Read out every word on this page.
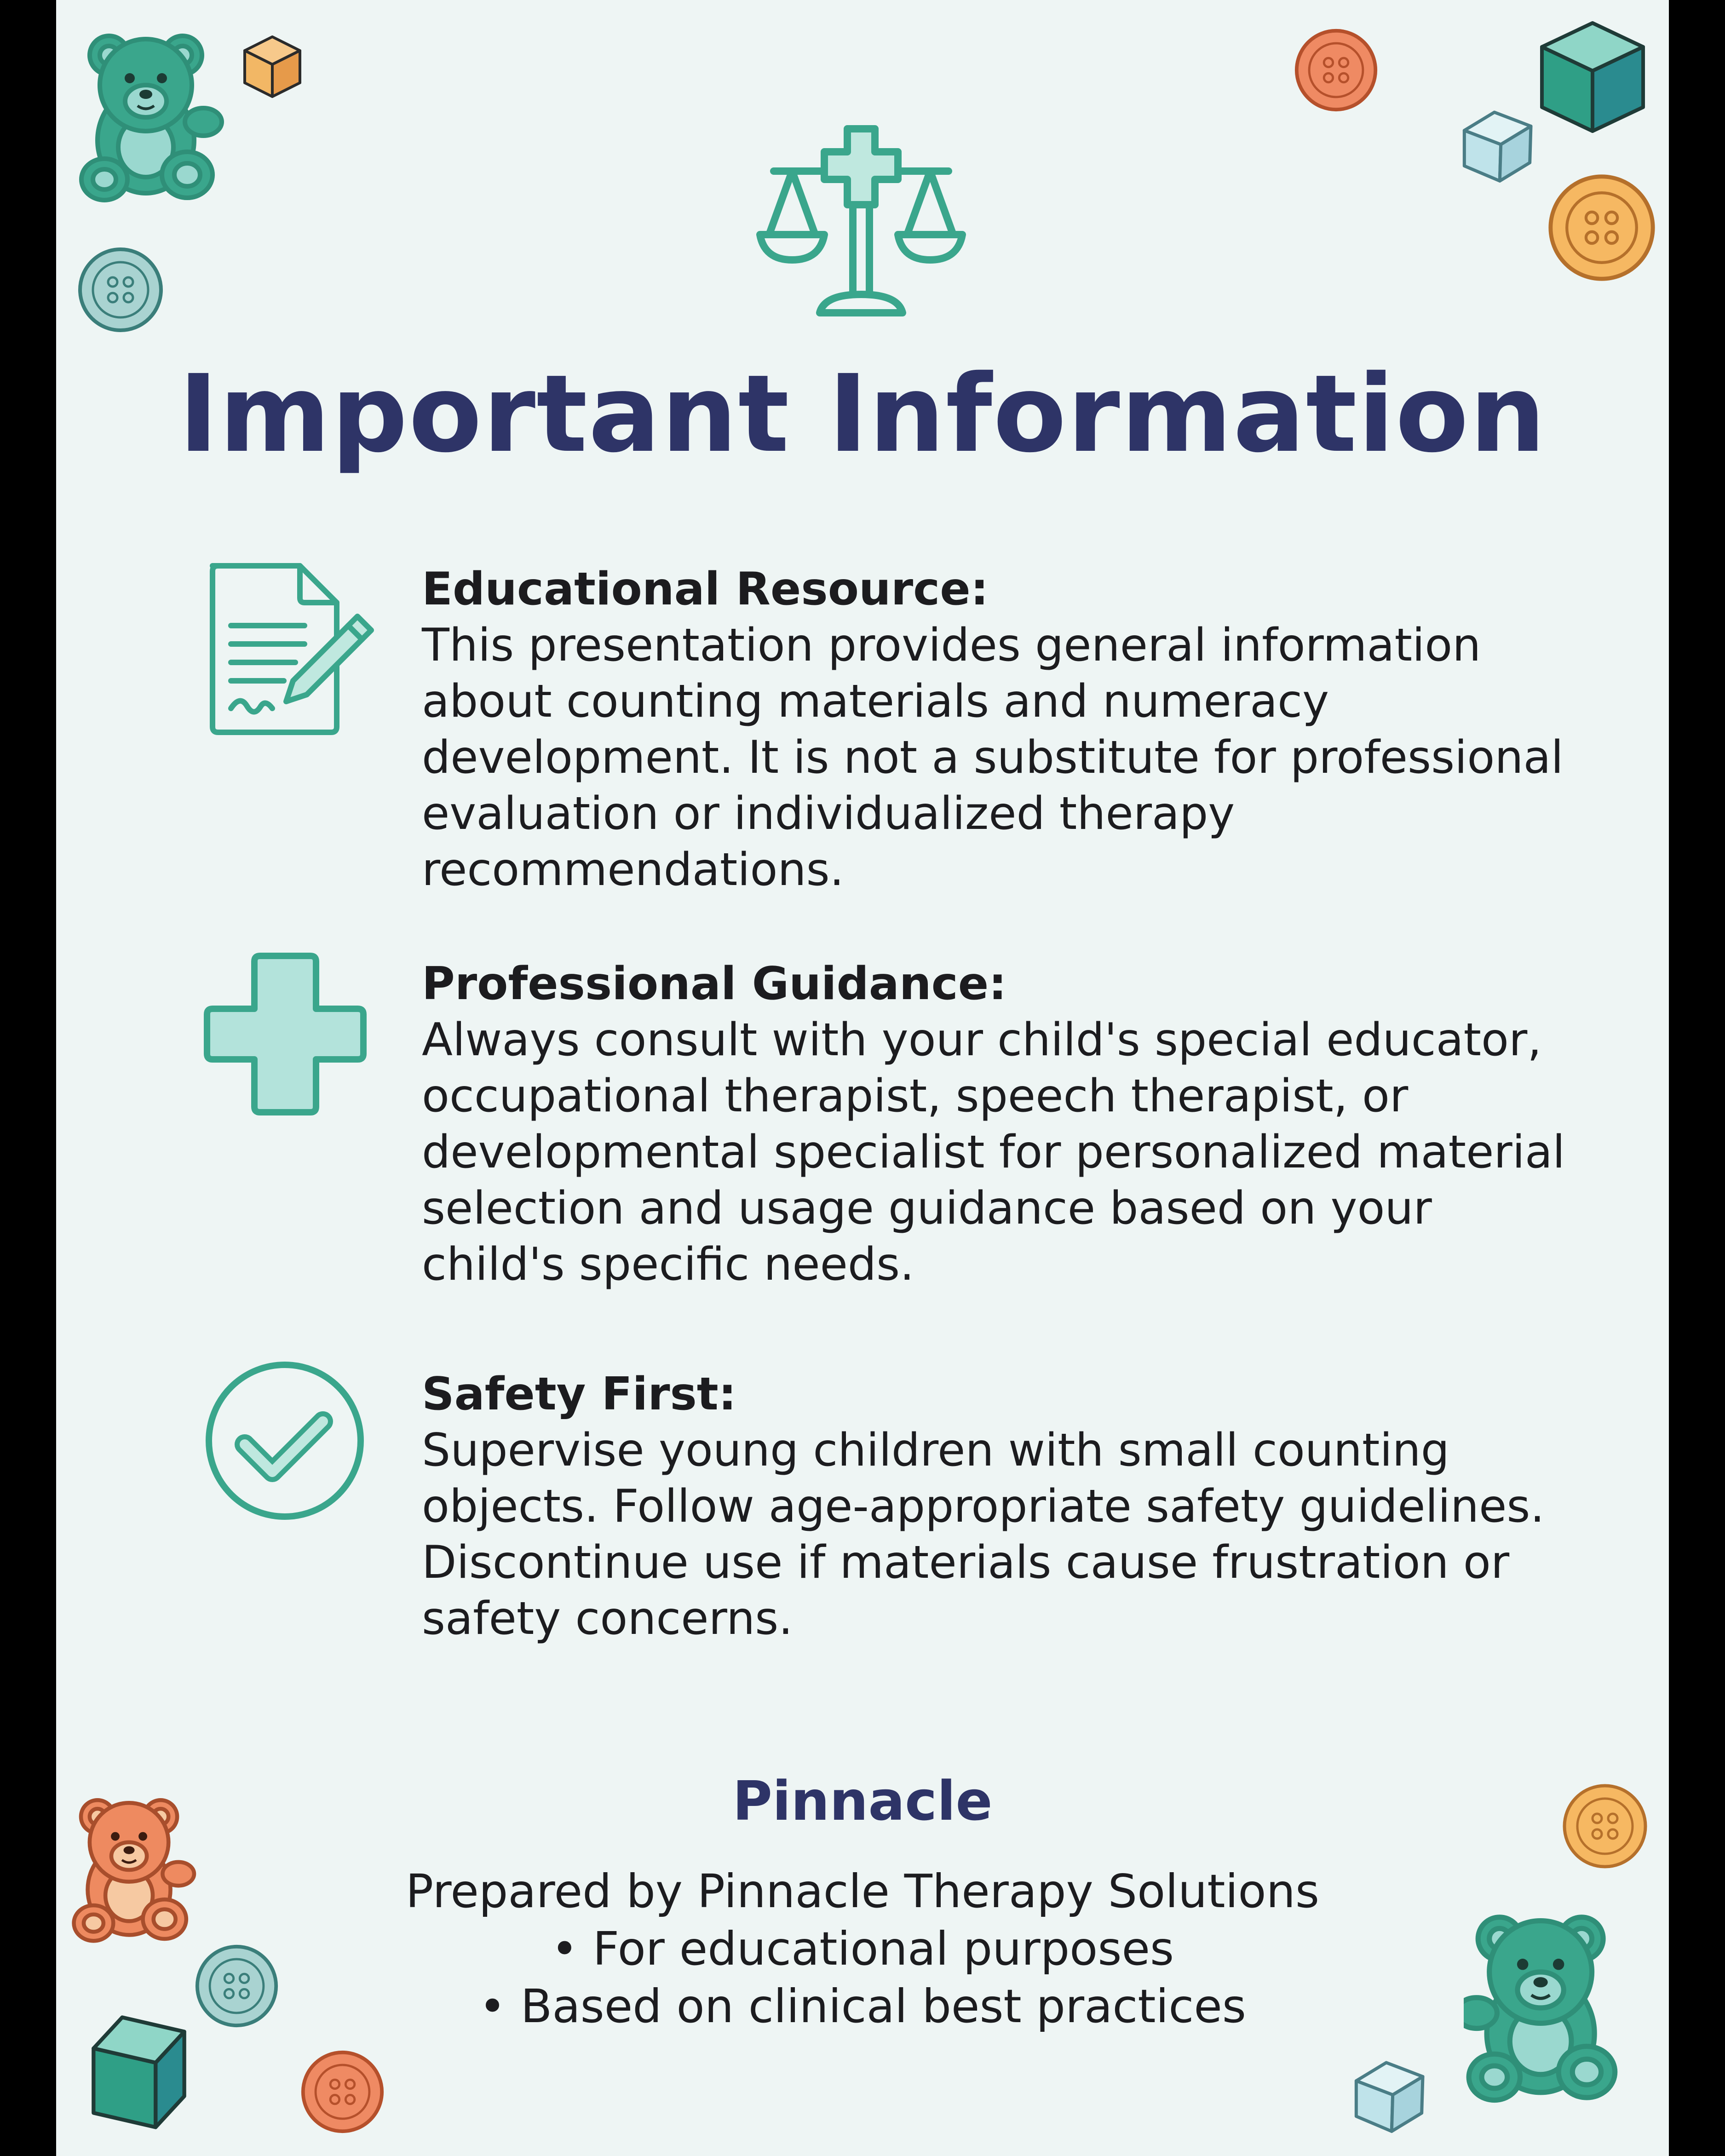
Important Information
Educational Resource:
This presentation provides general information
about counting materials and numeracy
development. It is not a substitute for professional
evaluation or individualized therapy
recommendations.
Professional Guidance:
Always consult with your child's special educator,
occupational therapist, speech therapist, or
developmental specialist for personalized material
selection and usage guidance based on your
child's specific needs.
Safety First:
Supervise young children with small counting
objects. Follow age-appropriate safety guidelines.
Discontinue use if materials cause frustration or
safety concerns.
Pinnacle
Prepared by Pinnacle Therapy Solutions
• For educational purposes
• Based on clinical best practices
